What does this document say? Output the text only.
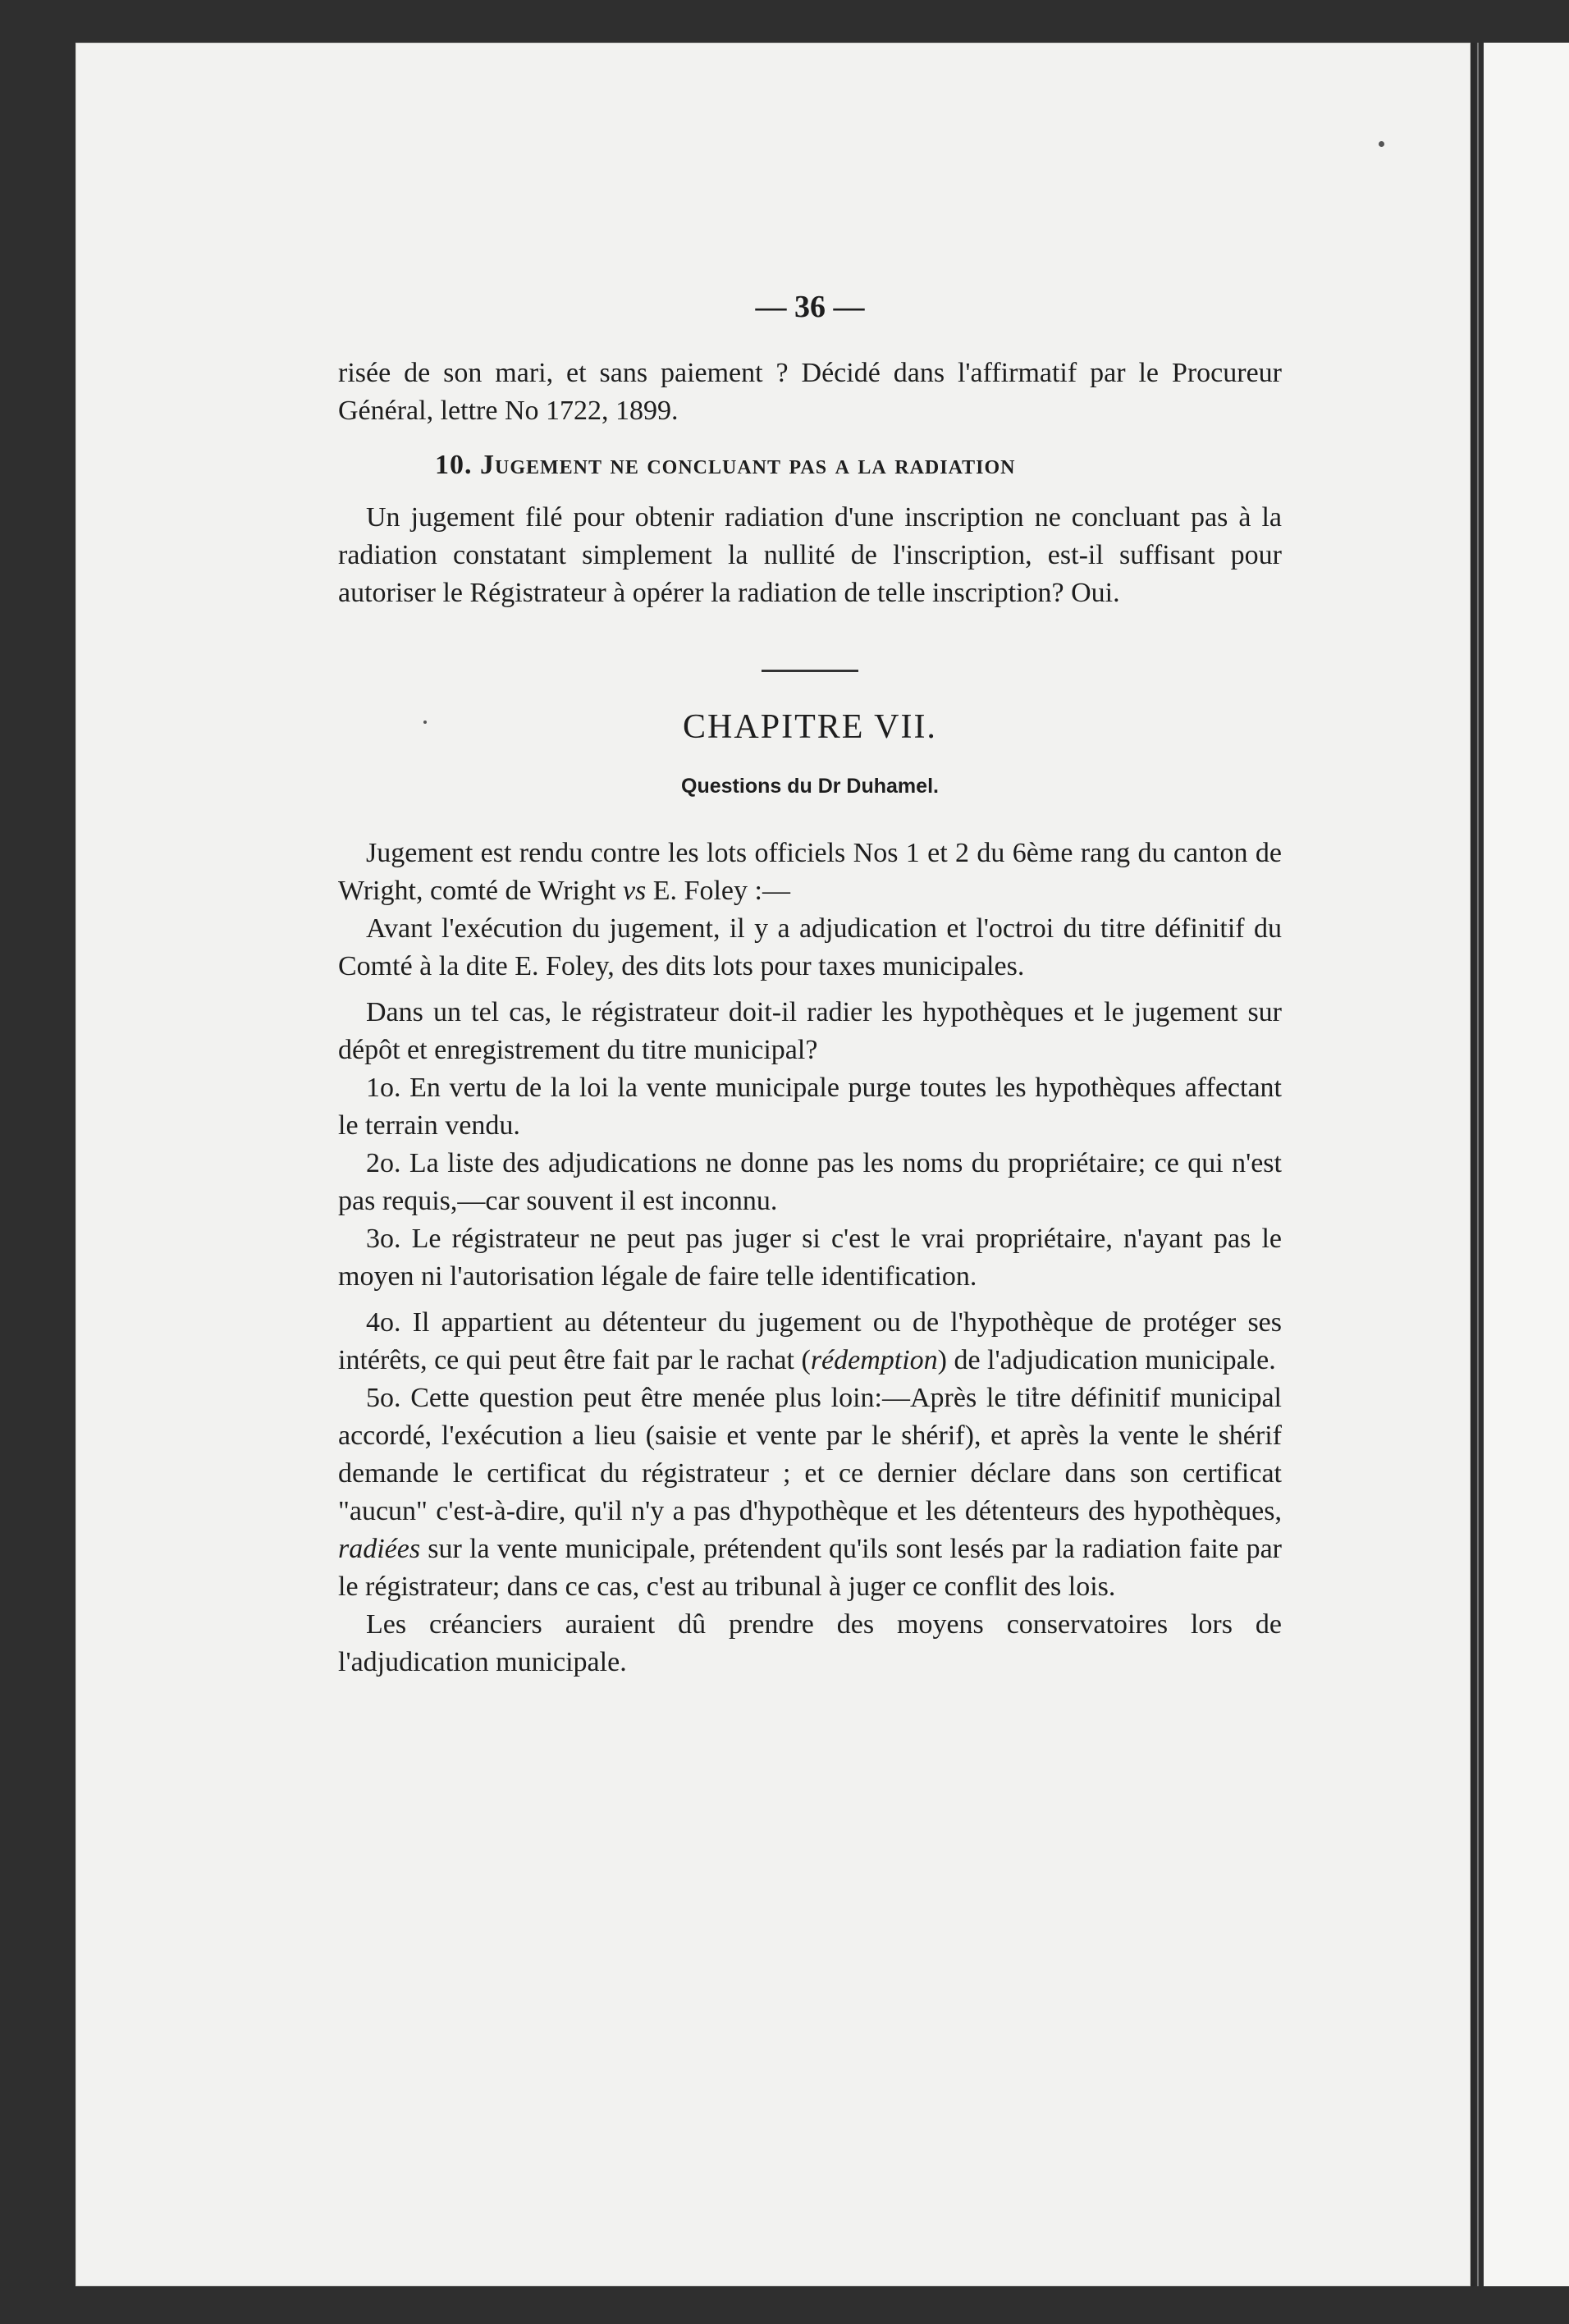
— 36 —

risée de son mari, et sans paiement ? Décidé dans l'affirmatif par le Procureur Général, lettre No 1722, 1899.

10. Jugement ne concluant pas a la radiation

Un jugement filé pour obtenir radiation d'une inscription ne concluant pas à la radiation constatant simplement la nullité de l'inscription, est-il suffisant pour autoriser le Régistrateur à opérer la radiation de telle inscription? Oui.

CHAPITRE VII.
Questions du Dr Duhamel.

Jugement est rendu contre les lots officiels Nos 1 et 2 du 6ème rang du canton de Wright, comté de Wright vs E. Foley :—

Avant l'exécution du jugement, il y a adjudication et l'octroi du titre définitif du Comté à la dite E. Foley, des dits lots pour taxes municipales.

Dans un tel cas, le régistrateur doit-il radier les hypothèques et le jugement sur dépôt et enregistrement du titre municipal?

1o. En vertu de la loi la vente municipale purge toutes les hypothèques affectant le terrain vendu.

2o. La liste des adjudications ne donne pas les noms du propriétaire; ce qui n'est pas requis,—car souvent il est inconnu.

3o. Le régistrateur ne peut pas juger si c'est le vrai propriétaire, n'ayant pas le moyen ni l'autorisation légale de faire telle identification.

4o. Il appartient au détenteur du jugement ou de l'hypothèque de protéger ses intérêts, ce qui peut être fait par le rachat (rédemption) de l'adjudication municipale.

5o. Cette question peut être menée plus loin:—Après le titre définitif municipal accordé, l'exécution a lieu (saisie et vente par le shérif), et après la vente le shérif demande le certificat du régistrateur ; et ce dernier déclare dans son certificat "aucun" c'est-à-dire, qu'il n'y a pas d'hypothèque et les détenteurs des hypothèques, radiées sur la vente municipale, prétendent qu'ils sont lesés par la radiation faite par le régistrateur; dans ce cas, c'est au tribunal à juger ce conflit des lois.

Les créanciers auraient dû prendre des moyens conservatoires lors de l'adjudication municipale.
